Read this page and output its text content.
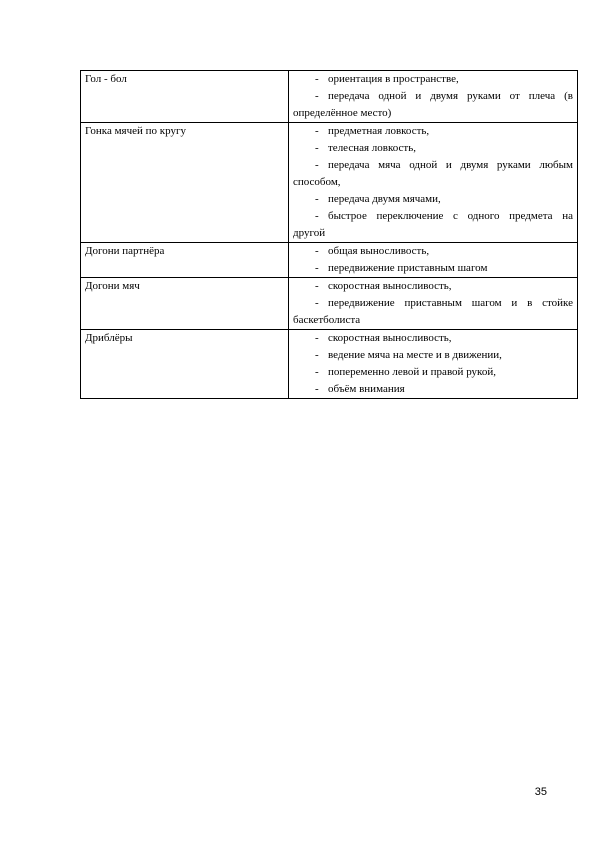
Гол - бол	- ориентация в пространстве,
- передача одной и двумя руками от плеча (в определённое место)

Гонка мячей по кругу	- предметная ловкость,
- телесная ловкость,
- передача мяча одной и двумя руками любым способом,
- передача двумя мячами,
- быстрое переключение с одного предмета на другой

Догони партнёра	- общая выносливость,
- передвижение приставным шагом

Догони мяч	- скоростная выносливость,
- передвижение приставным шагом и в стойке баскетболиста

Дриблёры	- скоростная выносливость,
- ведение мяча на месте и в движении,
- попеременно левой и правой рукой,
- объём внимания
35
